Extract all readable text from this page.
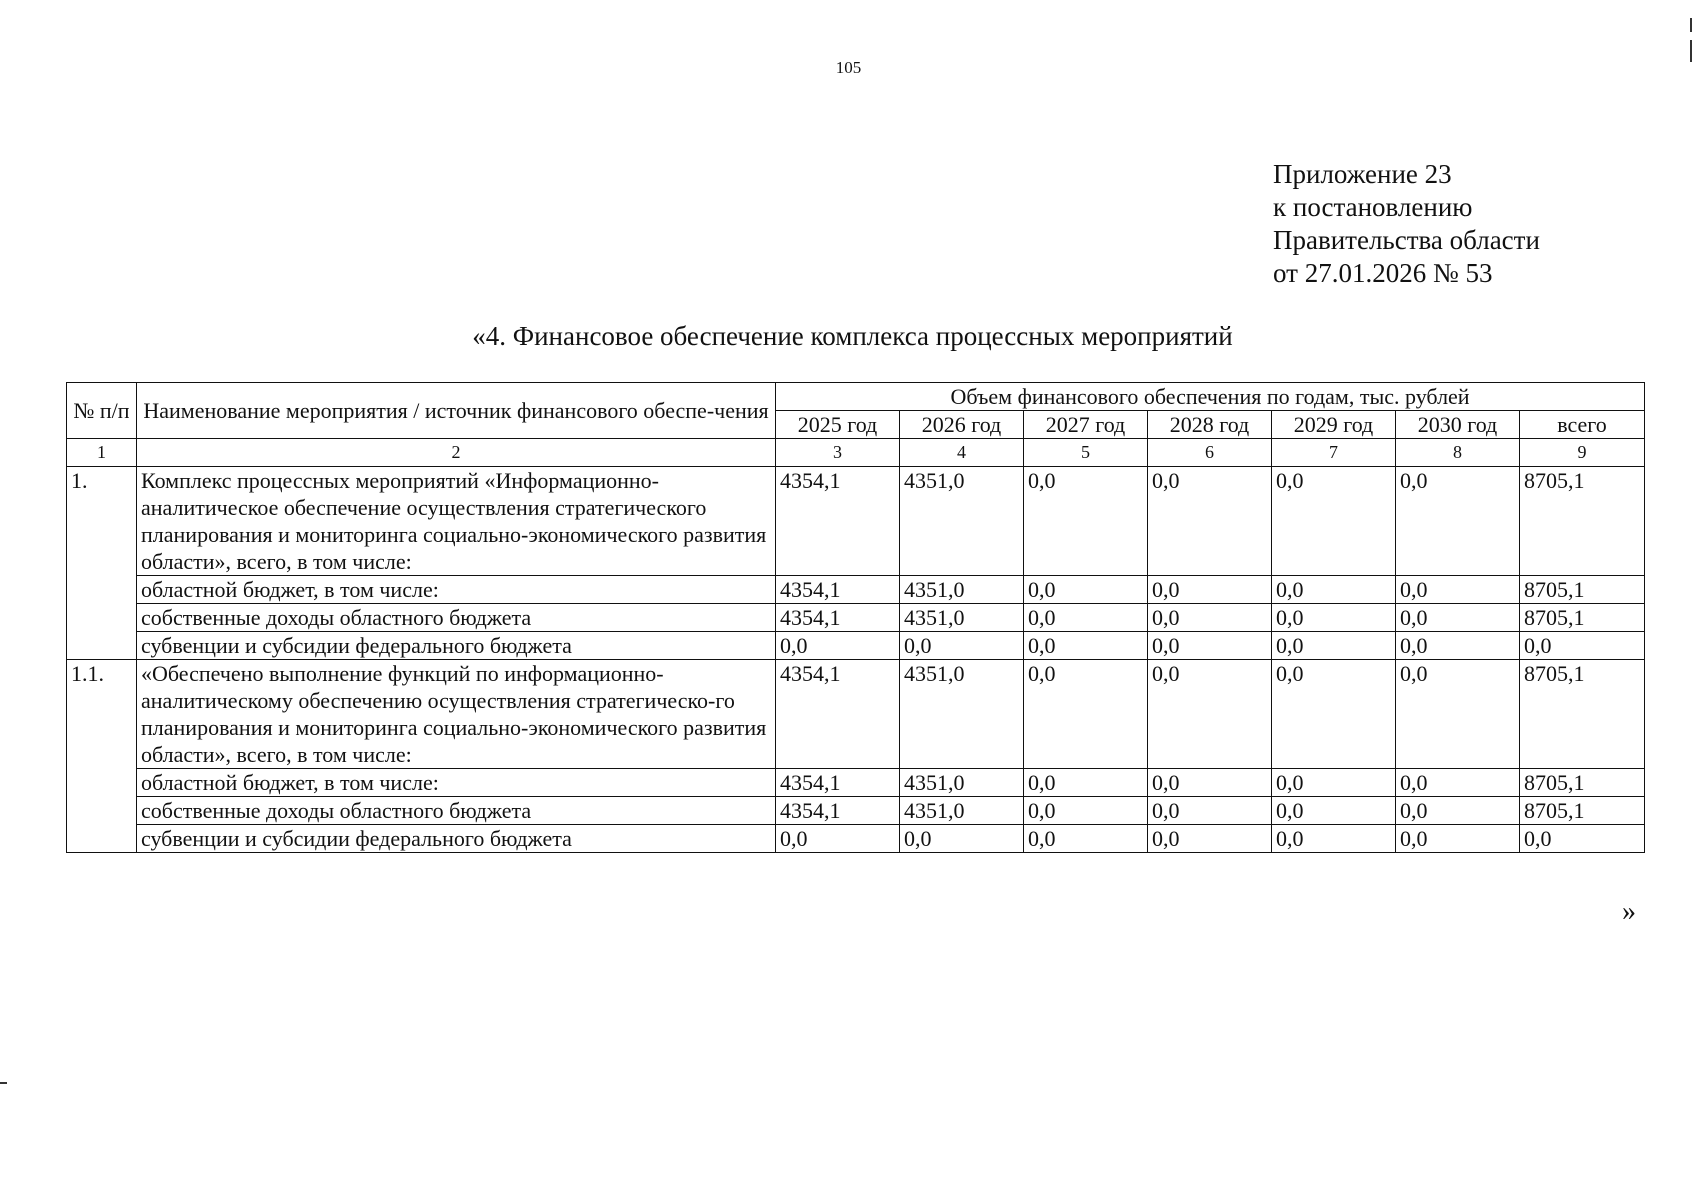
105
Приложение 23
к постановлению
Правительства области
от 27.01.2026 № 53
«4. Финансовое обеспечение комплекса процессных мероприятий
№ п/п	Наименование мероприятия / источник финансового обеспе-чения	Объем финансового обеспечения по годам, тыс. рублей						
		2025 год	2026 год	2027 год	2028 год	2029 год	2030 год	всего
1	2	3	4	5	6	7	8	9
1.	Комплекс процессных мероприятий «Информационно-аналитическое обеспечение осуществления стратегического планирования и мониторинга социально-экономического развития области», всего, в том числе:	4354,1	4351,0	0,0	0,0	0,0	0,0	8705,1
	областной бюджет, в том числе:	4354,1	4351,0	0,0	0,0	0,0	0,0	8705,1
	собственные доходы областного бюджета	4354,1	4351,0	0,0	0,0	0,0	0,0	8705,1
	субвенции и субсидии федерального бюджета	0,0	0,0	0,0	0,0	0,0	0,0	0,0
1.1.	«Обеспечено выполнение функций по информационно-аналитическому обеспечению осуществления стратегическо-го планирования и мониторинга социально-экономического развития области», всего, в том числе:	4354,1	4351,0	0,0	0,0	0,0	0,0	8705,1
	областной бюджет, в том числе:	4354,1	4351,0	0,0	0,0	0,0	0,0	8705,1
	собственные доходы областного бюджета	4354,1	4351,0	0,0	0,0	0,0	0,0	8705,1
	субвенции и субсидии федерального бюджета	0,0	0,0	0,0	0,0	0,0	0,0	0,0
»
